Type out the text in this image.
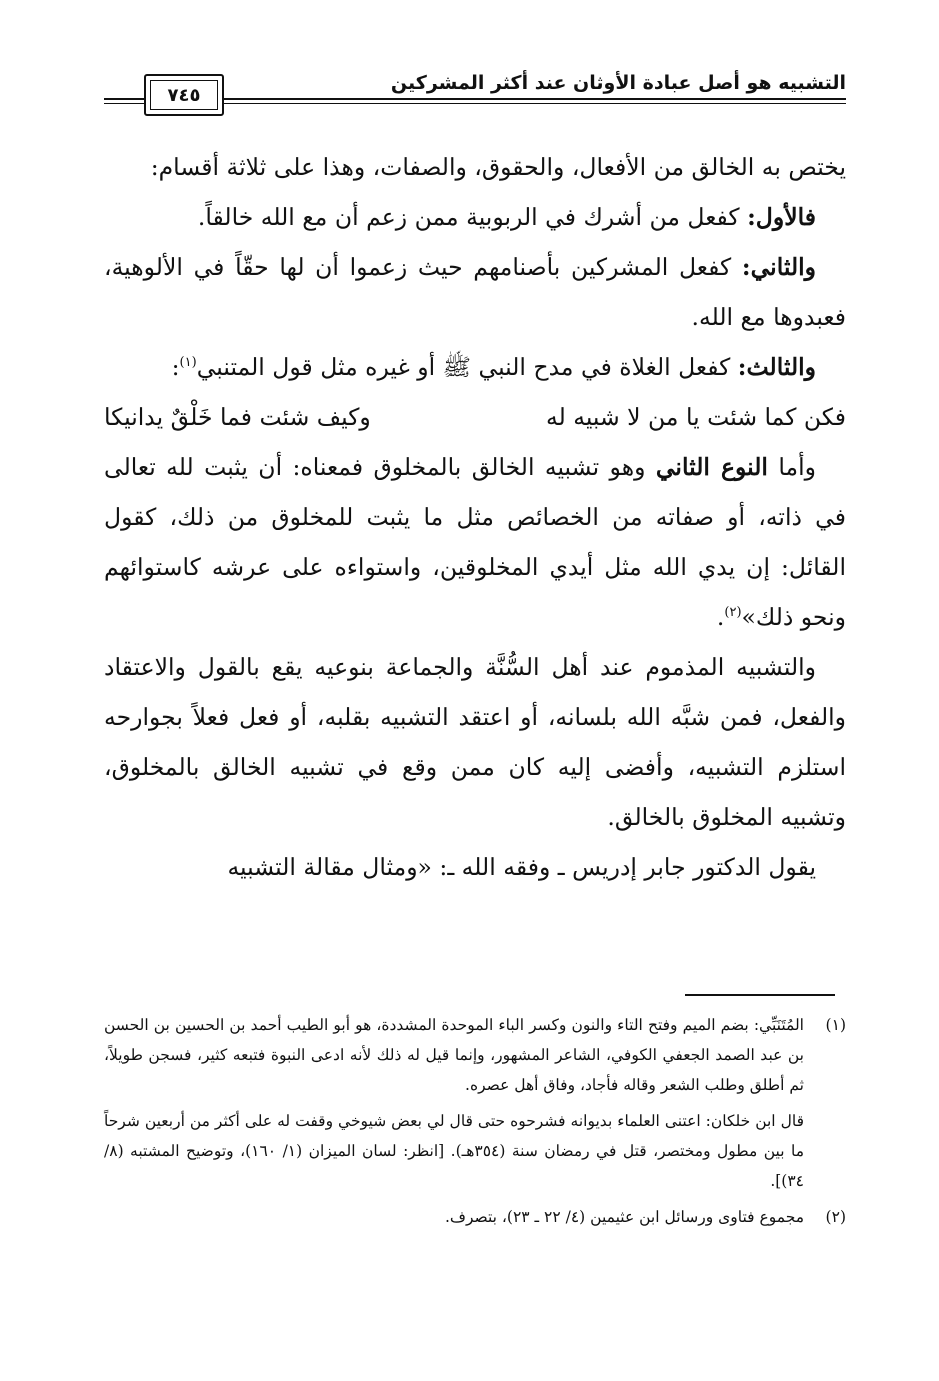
٧٤٥
التشبيه هو أصل عبادة الأوثان عند أكثر المشركين

يختص به الخالق من الأفعال، والحقوق، والصفات، وهذا على ثلاثة أقسام:

فالأول: كفعل من أشرك في الربوبية ممن زعم أن مع الله خالقاً.

والثاني: كفعل المشركين بأصنامهم حيث زعموا أن لها حقّاً في الألوهية، فعبدوها مع الله.

والثالث: كفعل الغلاة في مدح النبي ﷺ أو غيره مثل قول المتنبي$^{(١)}$:

فكن كما شئت يا من لا شبيه له
وكيف شئت فما خَلْقٌ يدانيكا

وأما النوع الثاني وهو تشبيه الخالق بالمخلوق فمعناه: أن يثبت لله تعالى في ذاته، أو صفاته من الخصائص مثل ما يثبت للمخلوق من ذلك، كقول القائل: إن يدي الله مثل أيدي المخلوقين، واستواءه على عرشه كاستوائهم ونحو ذلك»$^{(٢)}$.

والتشبيه المذموم عند أهل السُّنَّة والجماعة بنوعيه يقع بالقول والاعتقاد والفعل، فمن شبَّه الله بلسانه، أو اعتقد التشبيه بقلبه، أو فعل فعلاً بجوارحه استلزم التشبيه، وأفضى إليه كان ممن وقع في تشبيه الخالق بالمخلوق، وتشبيه المخلوق بالخالق.

يقول الدكتور جابر إدريس ـ وفقه الله ـ: «ومثال مقالة التشبيه

(١)
المُتَنَبِّي: بضم الميم وفتح التاء والنون وكسر الباء الموحدة المشددة، هو أبو الطيب أحمد بن الحسين بن الحسن بن عبد الصمد الجعفي الكوفي، الشاعر المشهور، وإنما قيل له ذلك لأنه ادعى النبوة فتبعه كثير، فسجن طويلاً، ثم أطلق وطلب الشعر وقاله فأجاد، وفاق أهل عصره.
قال ابن خلكان: اعتنى العلماء بديوانه فشرحوه حتى قال لي بعض شيوخي وقفت له على أكثر من أربعين شرحاً ما بين مطول ومختصر، قتل في رمضان سنة (٣٥٤هـ). [انظر: لسان الميزان (١/ ١٦٠)، وتوضيح المشتبه (٨/ ٣٤)].
(٢)
مجموع فتاوى ورسائل ابن عثيمين (٤/ ٢٢ ـ ٢٣)، بتصرف.
